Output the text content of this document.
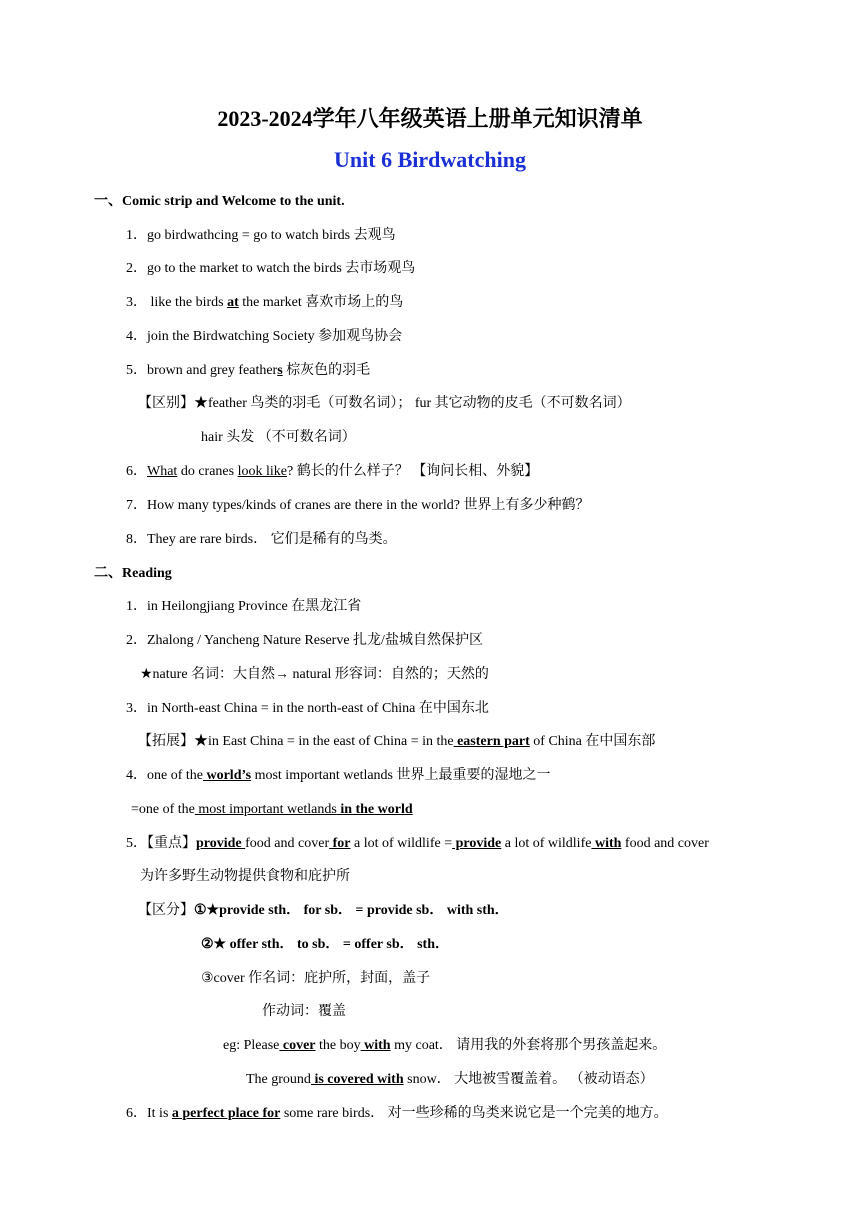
2023-2024学年八年级英语上册单元知识清单
Unit 6 Birdwatching
一、Comic strip and Welcome to the unit.
1．go birdwathcing = go to watch birds 去观鸟
2．go to the market to watch the birds 去市场观鸟
3． like the birds at the market 喜欢市场上的鸟
4．join the Birdwatching Society 参加观鸟协会
5．brown and grey feathers 棕灰色的羽毛
【区别】★feather 鸟类的羽毛（可数名词）； fur 其它动物的皮毛（不可数名词）
hair 头发 （不可数名词）
6．What do cranes look like? 鹤长的什么样子？ 【询问长相、外貌】
7．How many types/kinds of cranes are there in the world? 世界上有多少种鹤？
8．They are rare birds． 它们是稀有的鸟类。
二、Reading
1．in Heilongjiang Province 在黑龙江省
2．Zhalong / Yancheng Nature Reserve 扎龙/盐城自然保护区
★nature 名词：大自然→ natural 形容词：自然的；天然的
3．in North-east China = in the north-east of China 在中国东北
【拓展】★in East China = in the east of China = in the eastern part of China 在中国东部
4．one of the world’s most important wetlands 世界上最重要的湿地之一
=one of the most important wetlands in the world
5．【重点】provide food and cover for a lot of wildlife = provide a lot of wildlife with food and cover
为许多野生动物提供食物和庇护所
【区分】①★provide sth． for sb． = provide sb． with sth．
②★ offer sth． to sb． = offer sb． sth．
③cover 作名词：庇护所，封面，盖子
作动词：覆盖
eg: Please cover the boy with my coat． 请用我的外套将那个男孩盖起来。
The ground is covered with snow． 大地被雪覆盖着。 （被动语态）
6．It is a perfect place for some rare birds． 对一些珍稀的鸟类来说它是一个完美的地方。
